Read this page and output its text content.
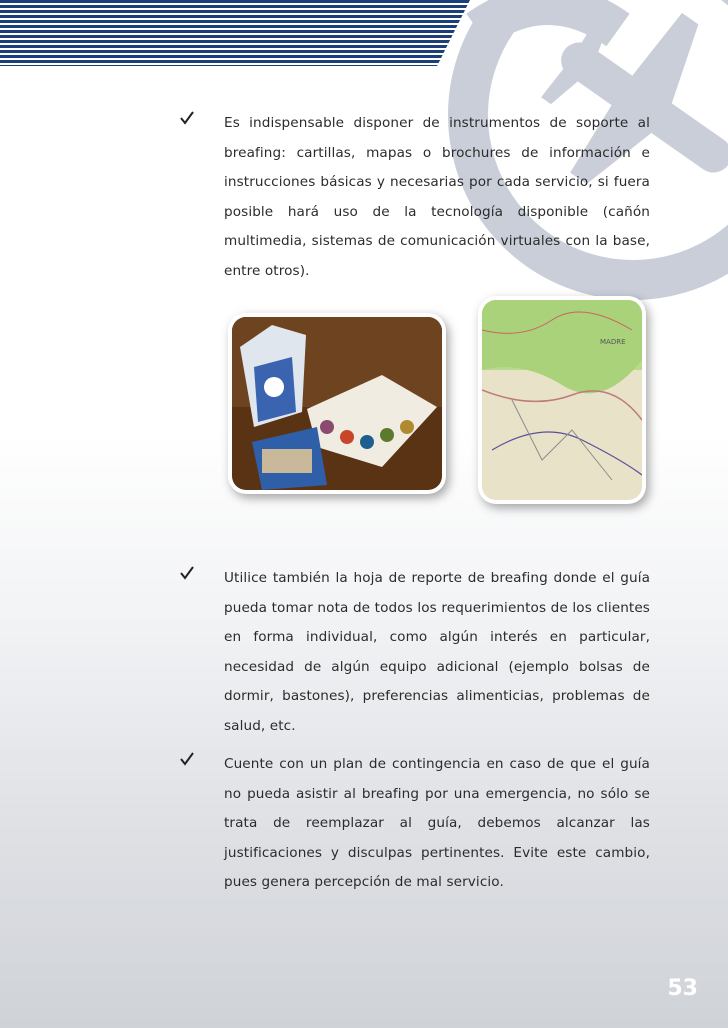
Es indispensable disponer de instrumentos de soporte al breafing: cartillas, mapas o brochures de información e instrucciones básicas y necesarias por cada servicio, si fuera posible hará uso de la tecnología disponible (cañón multimedia, sistemas de comunicación virtuales con la base, entre otros).

MADRE

Utilice también la hoja de reporte de breafing donde el guía pueda tomar nota de todos los requerimientos de los clientes en forma individual, como algún interés en particular, necesidad de algún equipo adicional (ejemplo bolsas de dormir, bastones), preferencias alimenticias, problemas de salud, etc.

Cuente con un plan de contingencia en caso de que el guía no pueda asistir al breafing por una emergencia, no sólo se trata de reemplazar al guía, debemos alcanzar las justificaciones y disculpas pertinentes. Evite este cambio, pues genera percepción de mal servicio.

53
